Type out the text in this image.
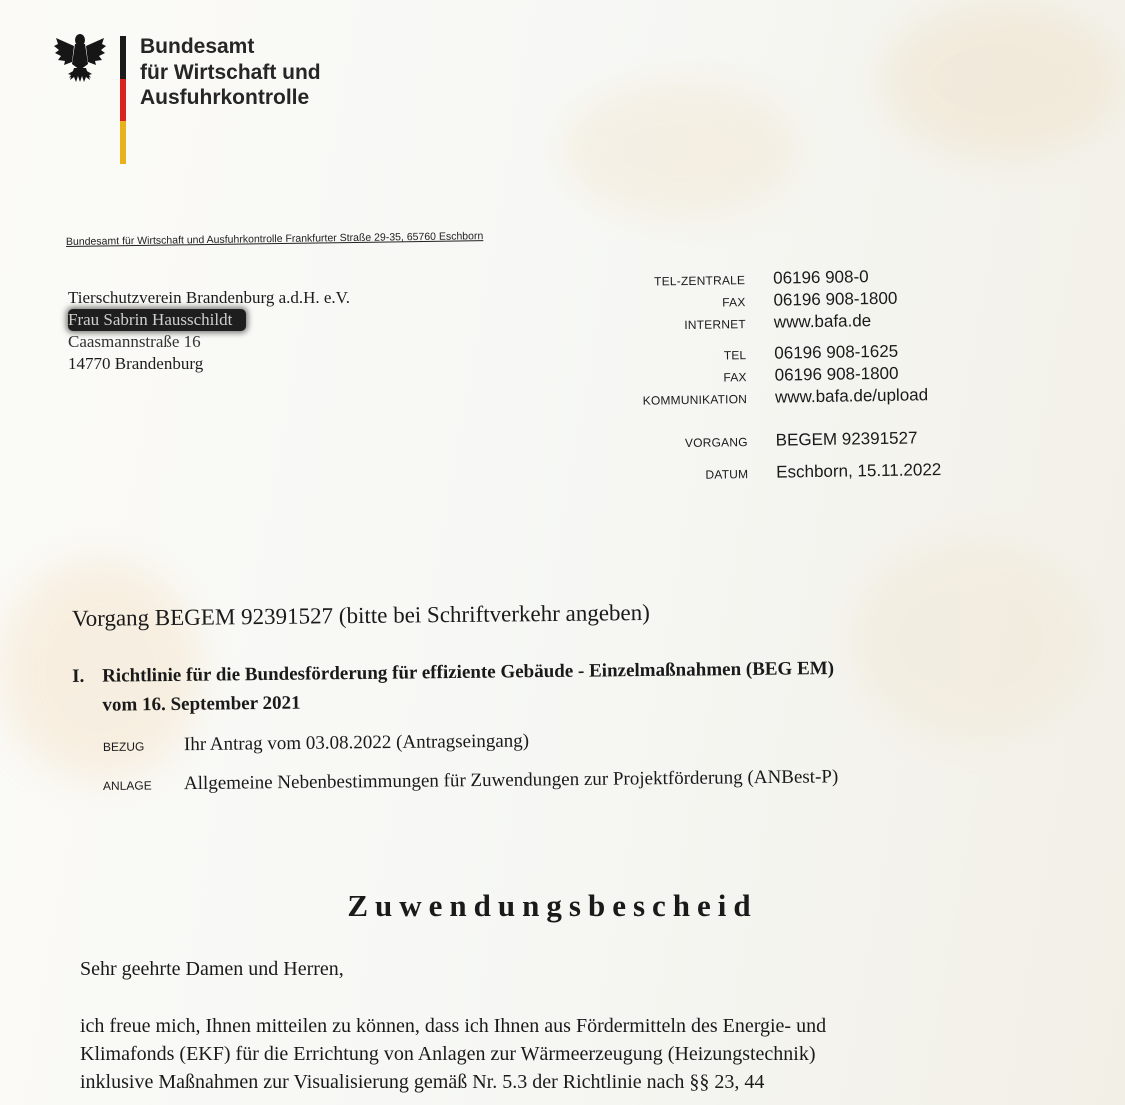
Bundesamt
für Wirtschaft und
Ausfuhrkontrolle
Bundesamt für Wirtschaft und Ausfuhrkontrolle Frankfurter Straße 29-35, 65760 Eschborn
Tierschutzverein Brandenburg a.d.H. e.V.
Frau Sabrin Hausschildt
Caasmannstraße 16
14770 Brandenburg
TEL-ZENTRALE 06196 908-0
FAX 06196 908-1800
INTERNET www.bafa.de
TEL 06196 908-1625
FAX 06196 908-1800
KOMMUNIKATION www.bafa.de/upload
VORGANG BEGEM 92391527
DATUM Eschborn, 15.11.2022
Vorgang BEGEM 92391527 (bitte bei Schriftverkehr angeben)
I. Richtlinie für die Bundesförderung für effiziente Gebäude - Einzelmaßnahmen (BEG EM)
vom 16. September 2021
BEZUG Ihr Antrag vom 03.08.2022 (Antragseingang)
ANLAGE Allgemeine Nebenbestimmungen für Zuwendungen zur Projektförderung (ANBest-P)
Zuwendungsbescheid
Sehr geehrte Damen und Herren,
ich freue mich, Ihnen mitteilen zu können, dass ich Ihnen aus Fördermitteln des Energie- und
Klimafonds (EKF) für die Errichtung von Anlagen zur Wärmeerzeugung (Heizungstechnik)
inklusive Maßnahmen zur Visualisierung gemäß Nr. 5.3 der Richtlinie nach §§ 23, 44
